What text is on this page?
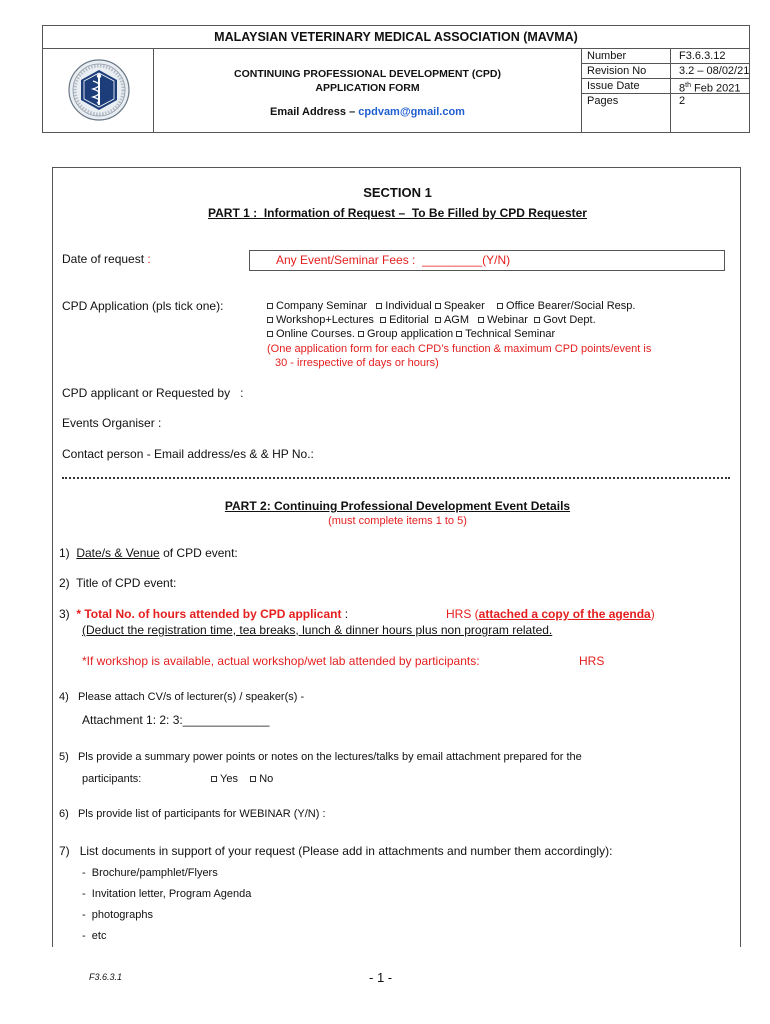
MALAYSIAN VETERINARY MEDICAL ASSOCIATION (MAVMA)
CONTINUING PROFESSIONAL DEVELOPMENT (CPD)
APPLICATION FORM
Email Address – cpdvam@gmail.com
Number	F3.6.3.12
Revision No	3.2 – 08/02/21
Issue Date	8th Feb 2021
Pages	2
SECTION 1
PART 1 :  Information of Request –  To Be Filled by CPD Requester
Date of request :	Any Event/Seminar Fees :  _________(Y/N)
CPD Application (pls tick one):	Company Seminar Individual Speaker Office Bearer/Social Resp.
Workshop+Lectures Editorial AGM Webinar Govt Dept.
Online Courses. Group application Technical Seminar
(One application form for each CPD’s function & maximum CPD points/event is
30 - irrespective of days or hours)
CPD applicant or Requested by   :
Events Organiser :
Contact person - Email address/es & & HP No.:
PART 2: Continuing Professional Development Event Details
(must complete items 1 to 5)
1) Date/s & Venue of CPD event:
2) Title of CPD event:
3) * Total No. of hours attended by CPD applicant :	HRS (attached a copy of the agenda)
(Deduct the registration time, tea breaks, lunch & dinner hours plus non program related.
*If workshop is available, actual workshop/wet lab attended by participants:	HRS
4) Please attach CV/s of lecturer(s) / speaker(s) -
Attachment 1: 2: 3:_____________
5) Pls provide a summary power points or notes on the lectures/talks by email attachment prepared for the
participants:	Yes No
6) Pls provide list of participants for WEBINAR (Y/N) :
7) List documents in support of your request (Please add in attachments and number them accordingly):
-  Brochure/pamphlet/Flyers
-  Invitation letter, Program Agenda
-  photographs
-  etc
F3.6.3.1	- 1 -
